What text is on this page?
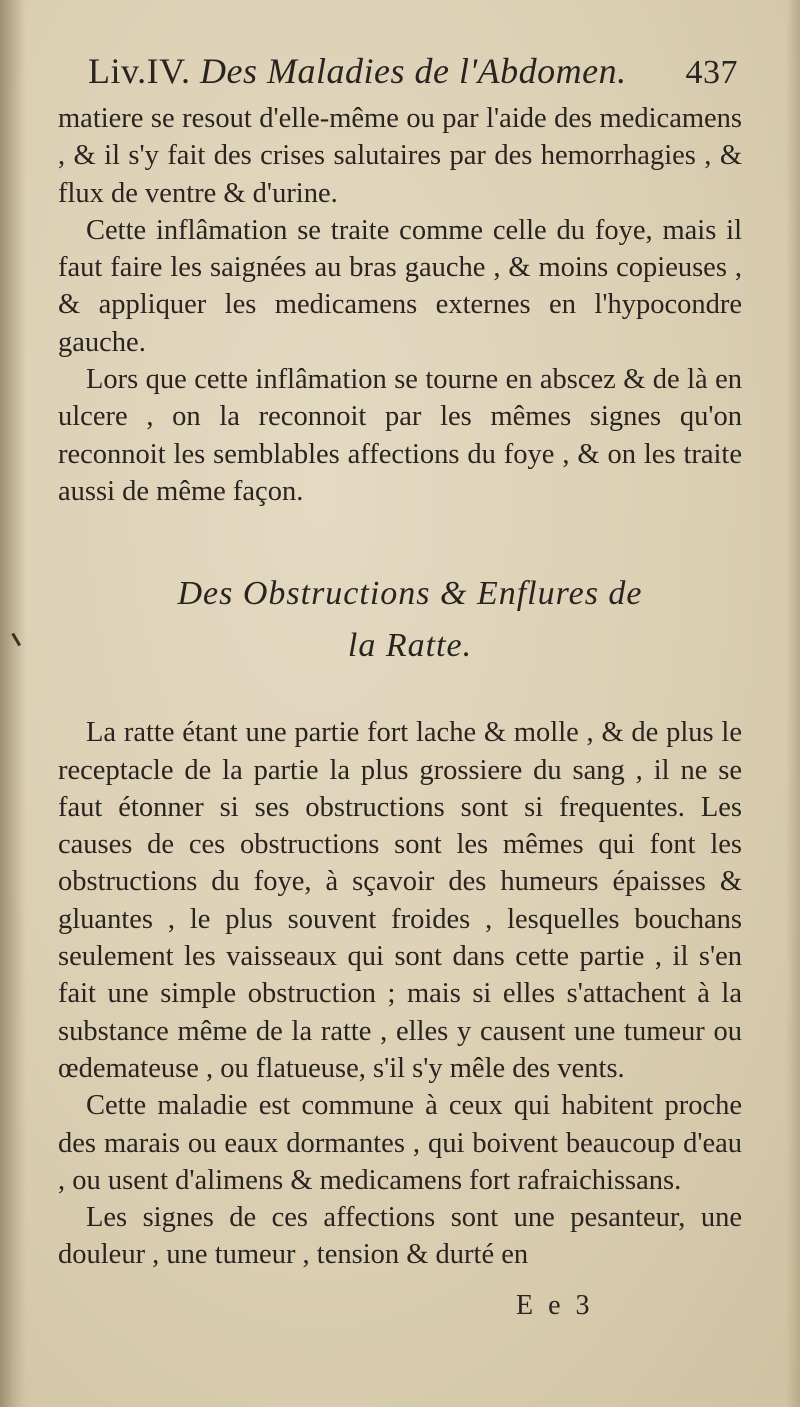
Liv.IV. Des Maladies de l'Abdomen. 437

matiere se resout d'elle-même ou par l'aide des medicamens , & il s'y fait des crises salutaires par des hemorrhagies , & flux de ventre & d'urine.

Cette inflâmation se traite comme celle du foye, mais il faut faire les saignées au bras gauche , & moins copieuses , & appliquer les medicamens externes en l'hypocondre gauche.

Lors que cette inflâmation se tourne en abscez & de là en ulcere , on la reconnoit par les mêmes signes qu'on reconnoit les semblables affections du foye , & on les traite aussi de même façon.

Des Obstructions & Enflures de
la Ratte.

La ratte étant une partie fort lache & molle , & de plus le receptacle de la partie la plus grossiere du sang , il ne se faut étonner si ses obstructions sont si frequentes. Les causes de ces obstructions sont les mêmes qui font les obstructions du foye, à sçavoir des humeurs épaisses & gluantes , le plus souvent froides , lesquelles bouchans seulement les vaisseaux qui sont dans cette partie , il s'en fait une simple obstruction ; mais si elles s'attachent à la substance même de la ratte , elles y causent une tumeur ou œdemateuse , ou flatueuse, s'il s'y mêle des vents.

Cette maladie est commune à ceux qui habitent proche des marais ou eaux dormantes , qui boivent beaucoup d'eau , ou usent d'alimens & medicamens fort rafraichissans.

Les signes de ces affections sont une pesanteur, une douleur , une tumeur , tension & durté en

E e 3
